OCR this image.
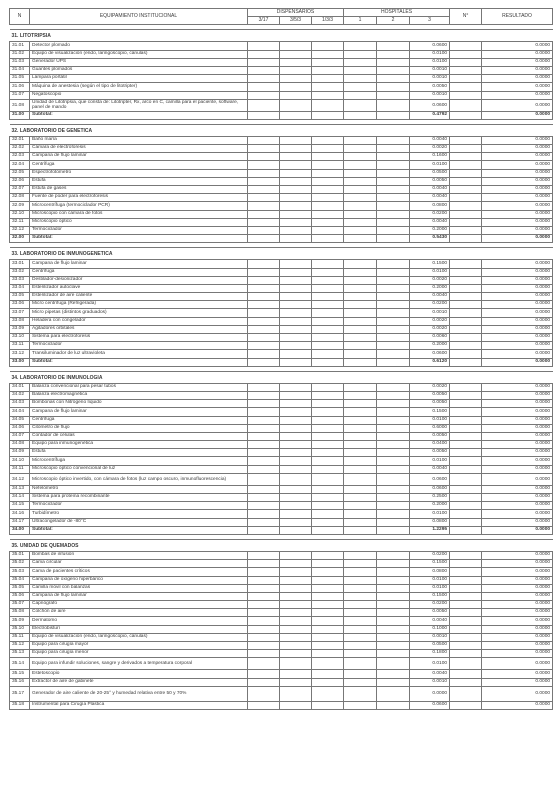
N	EQUIPAMIENTO INSTITUCIONAL	DISPENSARIOS			HOSPITALES			N°	RESULTADO
		3/17	3/5/3	1/3/3	1	2	3		

31. LITOTRIPSIA									
31.01	Detector plomado						0.0600		0.0000
31.02	Equipo de visualización (endo, laringoscopio, cánulas)						0.0100		0.0000
31.03	Generador UPS						0.0100		0.0000
31.04	Guantes plomados						0.0010		0.0000
31.05	Lámpara portátil						0.0010		0.0000
31.06	Máquina de anestesia (según el tipo de litotripter)						0.0050		0.0000
31.07	Negatoscopio						0.0010		0.0000
31.08	Unidad de Litotripsia, que consta de: Litotripter, Rx, arco en C, camilla para el paciente, software, panel de mando						0.0600		0.0000
31.00	Subtotal:						0.4792		0.0000

32. LABORATORIO DE GENETICA									
32.01	Baño maría						0.0040		0.0000
32.02	Cámara de electroforesis						0.0020		0.0000
32.03	Campana de flujo laminar						0.1600		0.0000
32.04	Centrífuga						0.0100		0.0000
32.05	Espectrofotómetro						0.0500		0.0000
32.06	Estufa						0.0050		0.0000
32.07	Estufa de gases						0.0040		0.0000
32.08	Fuente de poder para electroforesis						0.0040		0.0000
32.09	Microcentrífuga (termociclador PCR)						0.0800		0.0000
32.10	Microscopio con cámara de fotos						0.0200		0.0000
32.11	Microscopio óptico						0.0040		0.0000
32.12	Termociclador						0.2000		0.0000
32.00	Subtotal:						0.5430		0.0000

33. LABORATORIO DE INMUNOGENETICA									
33.01	Campana de flujo laminar						0.1500		0.0000
33.02	Centrífuga						0.0100		0.0000
33.03	Destilador-desionizador						0.0020		0.0000
33.04	Esterilizador autoclave						0.2000		0.0000
33.05	Esterilizador de aire caliente						0.0040		0.0000
33.06	Micro centrífuga (Refrigerada)						0.0200		0.0000
33.07	Micro pipetas (distintos graduados)						0.0010		0.0000
33.08	Heladera con congelador						0.0020		0.0000
33.09	Agitadores orbitales						0.0020		0.0000
33.10	Sistema para electroforesis						0.0060		0.0000
33.11	Termociclador						0.2000		0.0000
33.12	Transiluminador de luz ultravioleta						0.0600		0.0000
33.00	Subtotal:						0.6120		0.0000

34. LABORATORIO DE INMUNOLOGIA									
34.01	Balanza convencional para pesar tubos						0.0020		0.0000
34.02	Balanza electromagnética						0.0050		0.0000
34.03	Bombonas con Nitrógeno líquido						0.0050		0.0000
34.04	Campana de flujo laminar						0.1500		0.0000
34.05	Centrífuga						0.0100		0.0000
34.06	Citómetro de flujo						0.6000		0.0000
34.07	Contador de células						0.0050		0.0000
34.08	Equipo para inmunogenética						0.0400		0.0000
34.09	Estufa						0.0050		0.0000
34.10	Microcentrífuga						0.0100		0.0000
34.11	Microscopio óptico convencional de luz						0.0040		0.0000
34.12	Microscopio óptico invertido, con cámara de fotos (luz campo oscuro, inmunofluorescencia)						0.0600		0.0000
34.13	Nefelómetro						0.0600		0.0000
34.14	Sistema para proteína recombinante						0.2500		0.0000
34.15	Termociclador						0.2000		0.0000
34.16	Turbidímetro						0.0100		0.0000
34.17	Ultracongelador de -80°C						0.0800		0.0000
34.00	Subtotal:						1.2295		0.0000

35. UNIDAD DE QUEMADOS									
35.01	Bombas de infusión						0.0200		0.0000
35.02	Cama circular						0.1500		0.0000
35.03	Cama de pacientes críticos						0.0800		0.0000
35.04	Campana de oxígeno hiperbárico						0.0100		0.0000
35.05	Camilla móvil con balanzas						0.0100		0.0000
35.06	Campana de flujo laminar						0.1500		0.0000
35.07	Capnógrafo						0.0200		0.0000
35.08	Colchón de aire						0.0050		0.0000
35.09	Dermatomo						0.0040		0.0000
35.10	Electrobisturí						0.1000		0.0000
35.11	Equipo de visualización (endo, laringoscopio, cánulas)						0.0010		0.0000
35.12	Equipo para cirugía mayor						0.0500		0.0000
35.13	Equipo para cirugía menor						0.1800		0.0000
35.14	Equipo para infundir soluciones, sangre y derivados a temperatura corporal						0.0100		0.0000
35.15	Estetoscopio						0.0040		0.0000
35.16	Extractor de aire de gabinete						0.0010		0.0000
35.17	Generador de aire caliente de 20-25° y humedad relativa entre 50 y 70%						0.0000		0.0000
35.18	Instrumental para Cirugía Plástica						0.0600		0.0000
